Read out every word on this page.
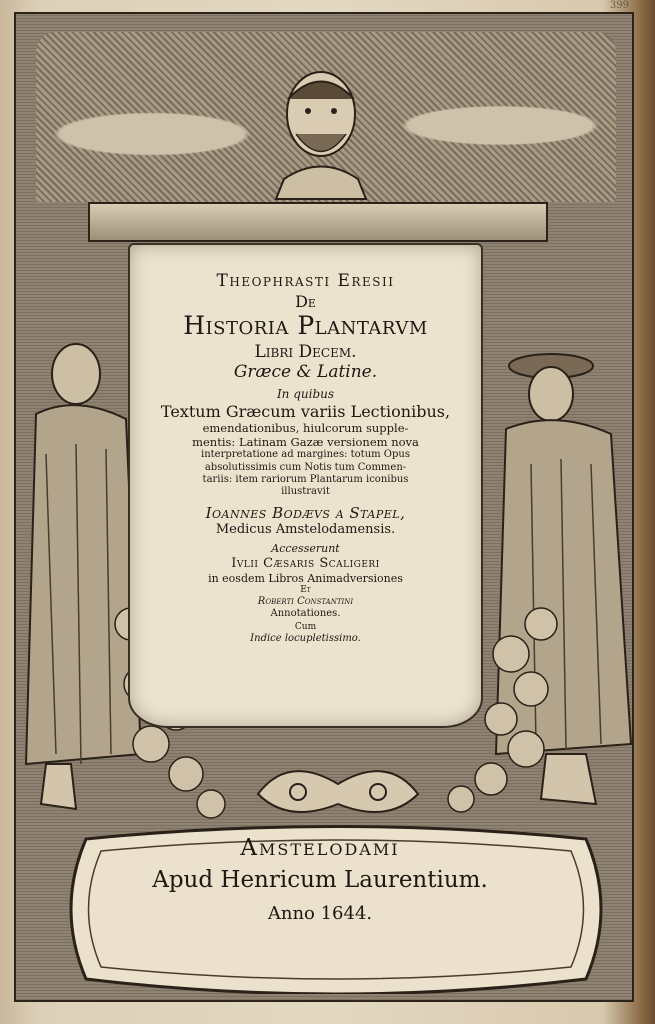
399
Theophrasti Eresii
De
Historia Plantarvm
Libri Decem.
Græce & Latine.
In quibus
Textum Græcum variis Lectionibus,
emendationibus, hiulcorum supple-
mentis: Latinam Gazæ versionem nova
interpretatione ad margines: totum Opus
absolutissimis cum Notis tum Commen-
tariis: item rariorum Plantarum iconibus
illustravit
Ioannes Bodævs a Stapel,
Medicus Amstelodamensis.
Accesserunt
Ivlii Cæsaris Scaligeri
in eosdem Libros Animadversiones
Et
Roberti Constantini
Annotationes.
Cum
Indice locupletissimo.
Amstelodami
Apud Henricum Laurentium.
Anno 1644.
